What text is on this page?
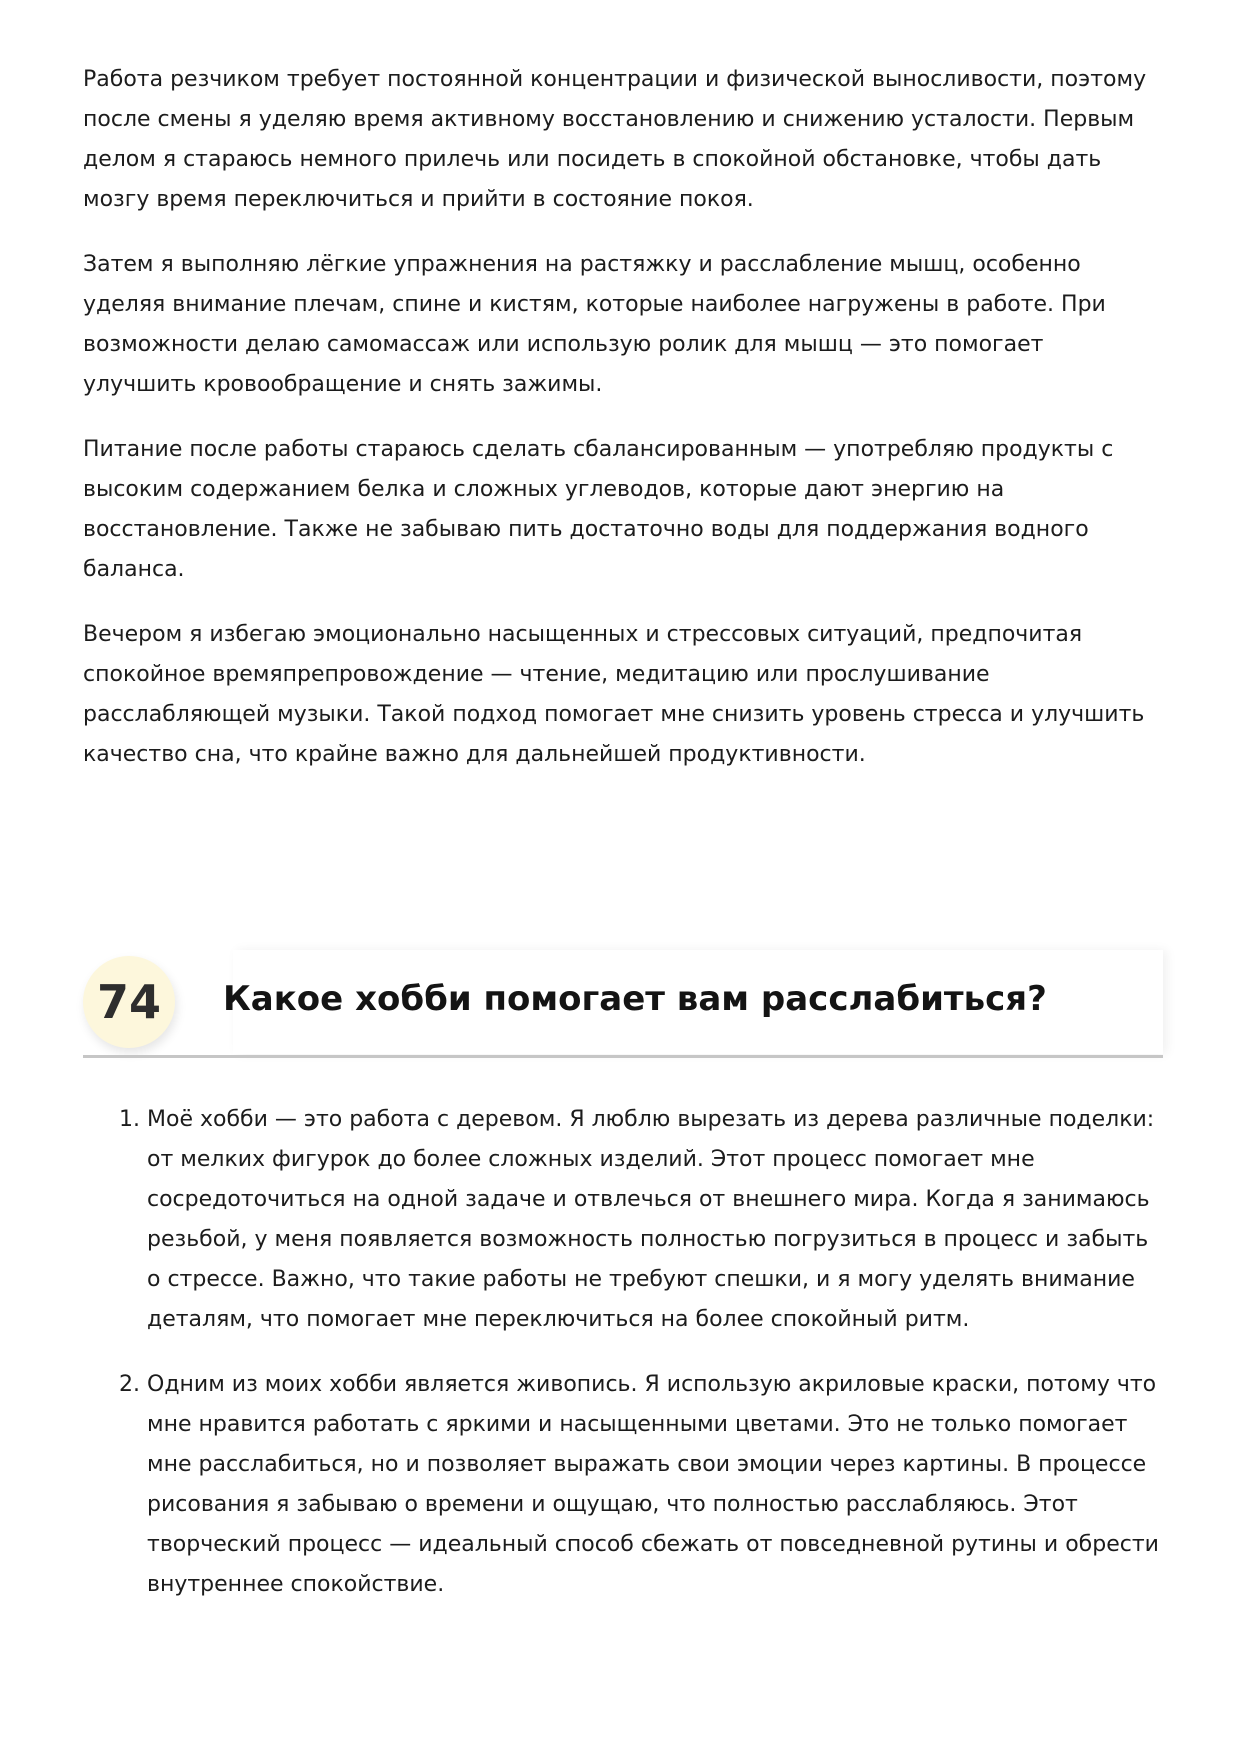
Работа резчиком требует постоянной концентрации и физической выносливости, поэтому после смены я уделяю время активному восстановлению и снижению усталости. Первым делом я стараюсь немного прилечь или посидеть в спокойной обстановке, чтобы дать мозгу время переключиться и прийти в состояние покоя.

Затем я выполняю лёгкие упражнения на растяжку и расслабление мышц, особенно уделяя внимание плечам, спине и кистям, которые наиболее нагружены в работе. При возможности делаю самомассаж или использую ролик для мышц — это помогает улучшить кровообращение и снять зажимы.

Питание после работы стараюсь сделать сбалансированным — употребляю продукты с высоким содержанием белка и сложных углеводов, которые дают энергию на восстановление. Также не забываю пить достаточно воды для поддержания водного баланса.

Вечером я избегаю эмоционально насыщенных и стрессовых ситуаций, предпочитая спокойное времяпрепровождение — чтение, медитацию или прослушивание расслабляющей музыки. Такой подход помогает мне снизить уровень стресса и улучшить качество сна, что крайне важно для дальнейшей продуктивности.

74	Какое хобби помогает вам расслабиться?
1. Моё хобби — это работа с деревом. Я люблю вырезать из дерева различные поделки: от мелких фигурок до более сложных изделий. Этот процесс помогает мне сосредоточиться на одной задаче и отвлечься от внешнего мира. Когда я занимаюсь резьбой, у меня появляется возможность полностью погрузиться в процесс и забыть о стрессе. Важно, что такие работы не требуют спешки, и я могу уделять внимание деталям, что помогает мне переключиться на более спокойный ритм.
2. Одним из моих хобби является живопись. Я использую акриловые краски, потому что мне нравится работать с яркими и насыщенными цветами. Это не только помогает мне расслабиться, но и позволяет выражать свои эмоции через картины. В процессе рисования я забываю о времени и ощущаю, что полностью расслабляюсь. Этот творческий процесс — идеальный способ сбежать от повседневной рутины и обрести внутреннее спокойствие.
